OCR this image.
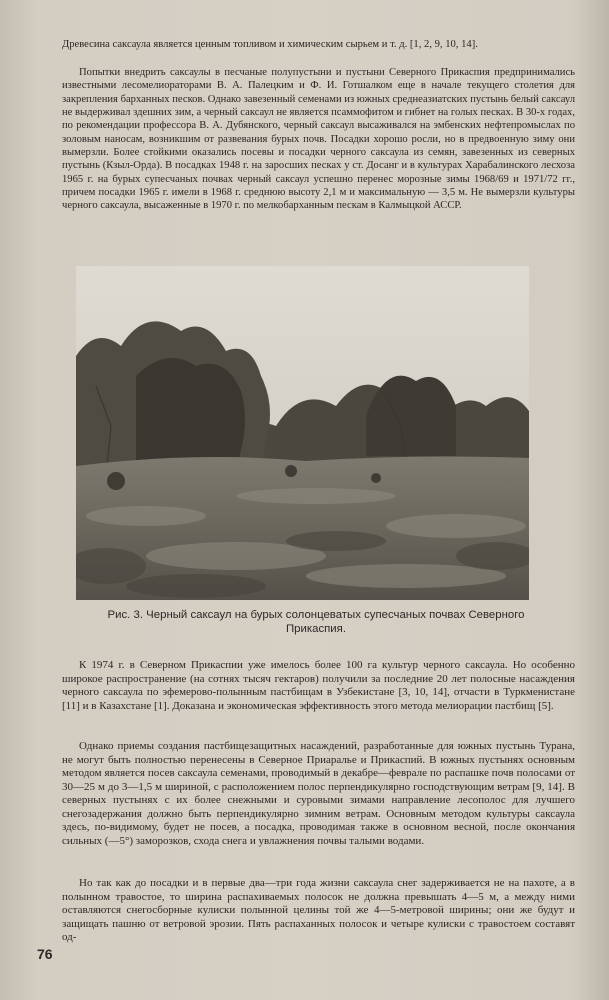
Древесина саксаула является ценным топливом и химическим сырьем и т. д. [1, 2, 9, 10, 14].

Попытки внедрить саксаулы в песчаные полупустыни и пустыни Северного Прикаспия предпринимались известными лесомелиораторами В. А. Палецким и Ф. И. Готшалком еще в начале текущего столетия для закрепления барханных песков. Однако завезенный семенами из южных среднеазиатских пустынь белый саксаул не выдерживал здешних зим, а черный саксаул не является псаммофитом и гибнет на голых песках. В 30-х годах, по рекомендации профессора В. А. Дубянского, черный саксаул высаживался на эмбенских нефтепромыслах по золовым наносам, возникшим от развевания бурых почв. Посадки хорошо росли, но в предвоенную зиму они вымерзли. Более стойкими оказались посевы и посадки черного саксаула из семян, завезенных из северных пустынь (Кзыл-Орда). В посадках 1948 г. на заросших песках у ст. Досанг и в культурах Харабалинского лесхоза 1965 г. на бурых супесчаных почвах черный саксаул успешно перенес морозные зимы 1968/69 и 1971/72 гг., причем посадки 1965 г. имели в 1968 г. среднюю высоту 2,1 м и максимальную — 3,5 м. Не вымерзли культуры черного саксаула, высаженные в 1970 г. по мелкобарханным пескам в Калмыцкой АССР.

Рис. 3. Черный саксаул на бурых солонцеватых супесчаных почвах Северного Прикаспия.

К 1974 г. в Северном Прикаспии уже имелось более 100 га культур черного саксаула. Но особенно широкое распространение (на сотнях тысяч гектаров) получили за последние 20 лет полосные насаждения черного саксаула по эфемерово-полынным пастбищам в Узбекистане [3, 10, 14], отчасти в Туркменистане [11] и в Казахстане [1]. Доказана и экономическая эффективность этого метода мелиорации пастбищ [5].

Однако приемы создания пастбищезащитных насаждений, разработанные для южных пустынь Турана, не могут быть полностью перенесены в Северное Приаралье и Прикаспий. В южных пустынях основным методом является посев саксаула семенами, проводимый в декабре—феврале по распашке почв полосами от 30—25 м до 3—1,5 м шириной, с расположением полос перпендикулярно господствующим ветрам [9, 14]. В северных пустынях с их более снежными и суровыми зимами направление лесополос для лучшего снегозадержания должно быть перпендикулярно зимним ветрам. Основным методом культуры саксаула здесь, по-видимому, будет не посев, а посадка, проводимая также в основном весной, после окончания сильных (—5°) заморозков, схода снега и увлажнения почвы талыми водами.

Но так как до посадки и в первые два—три года жизни саксаула снег задерживается не на пахоте, а в полынном травостое, то ширина распахиваемых полосок не должна превышать 4—5 м, а между ними оставляются снегосборные кулиски полынной целины той же 4—5-метровой ширины; они же будут и защищать пашню от ветровой эрозии. Пять распаханных полосок и четыре кулиски с травостоем составят од-

76
